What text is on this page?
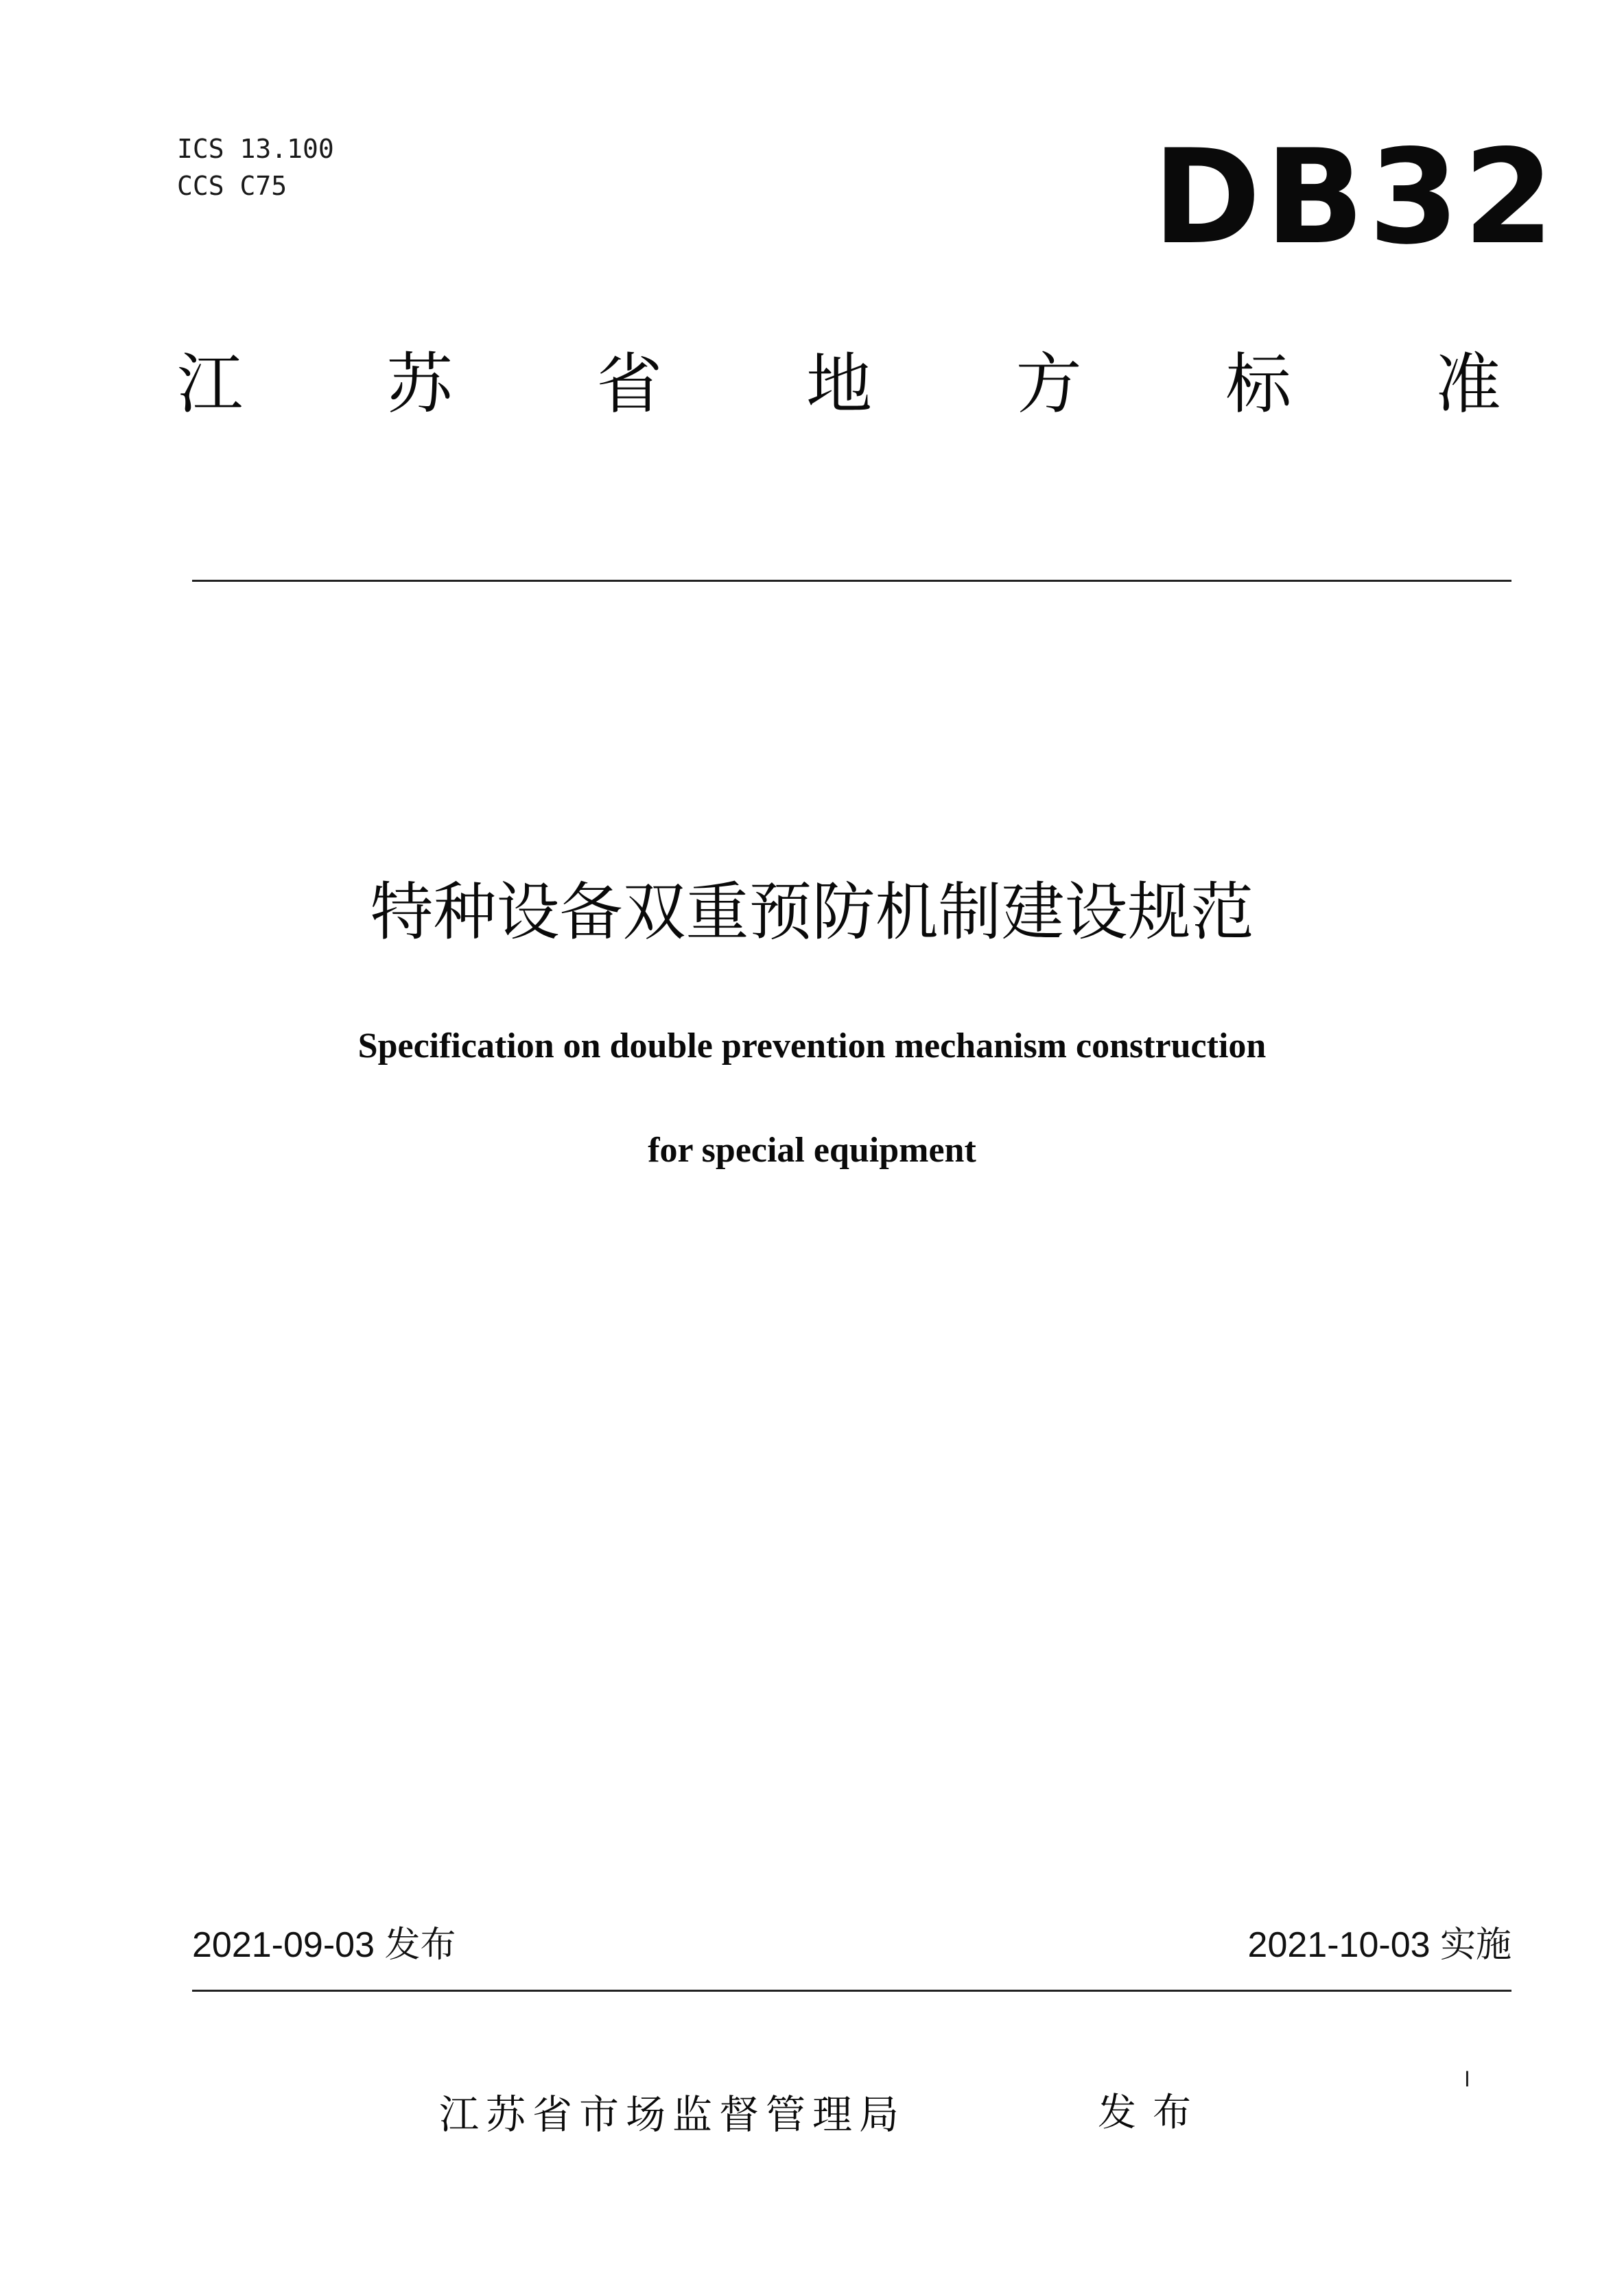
ICS 13.100
CCS C75	DB32
江 苏 省 地 方 标 准
特种设备双重预防机制建设规范
Specification on double prevention mechanism construction
for special equipment
2021-09-03 发布	2021-10-03 实施
江苏省市场监督管理局	发布
I
